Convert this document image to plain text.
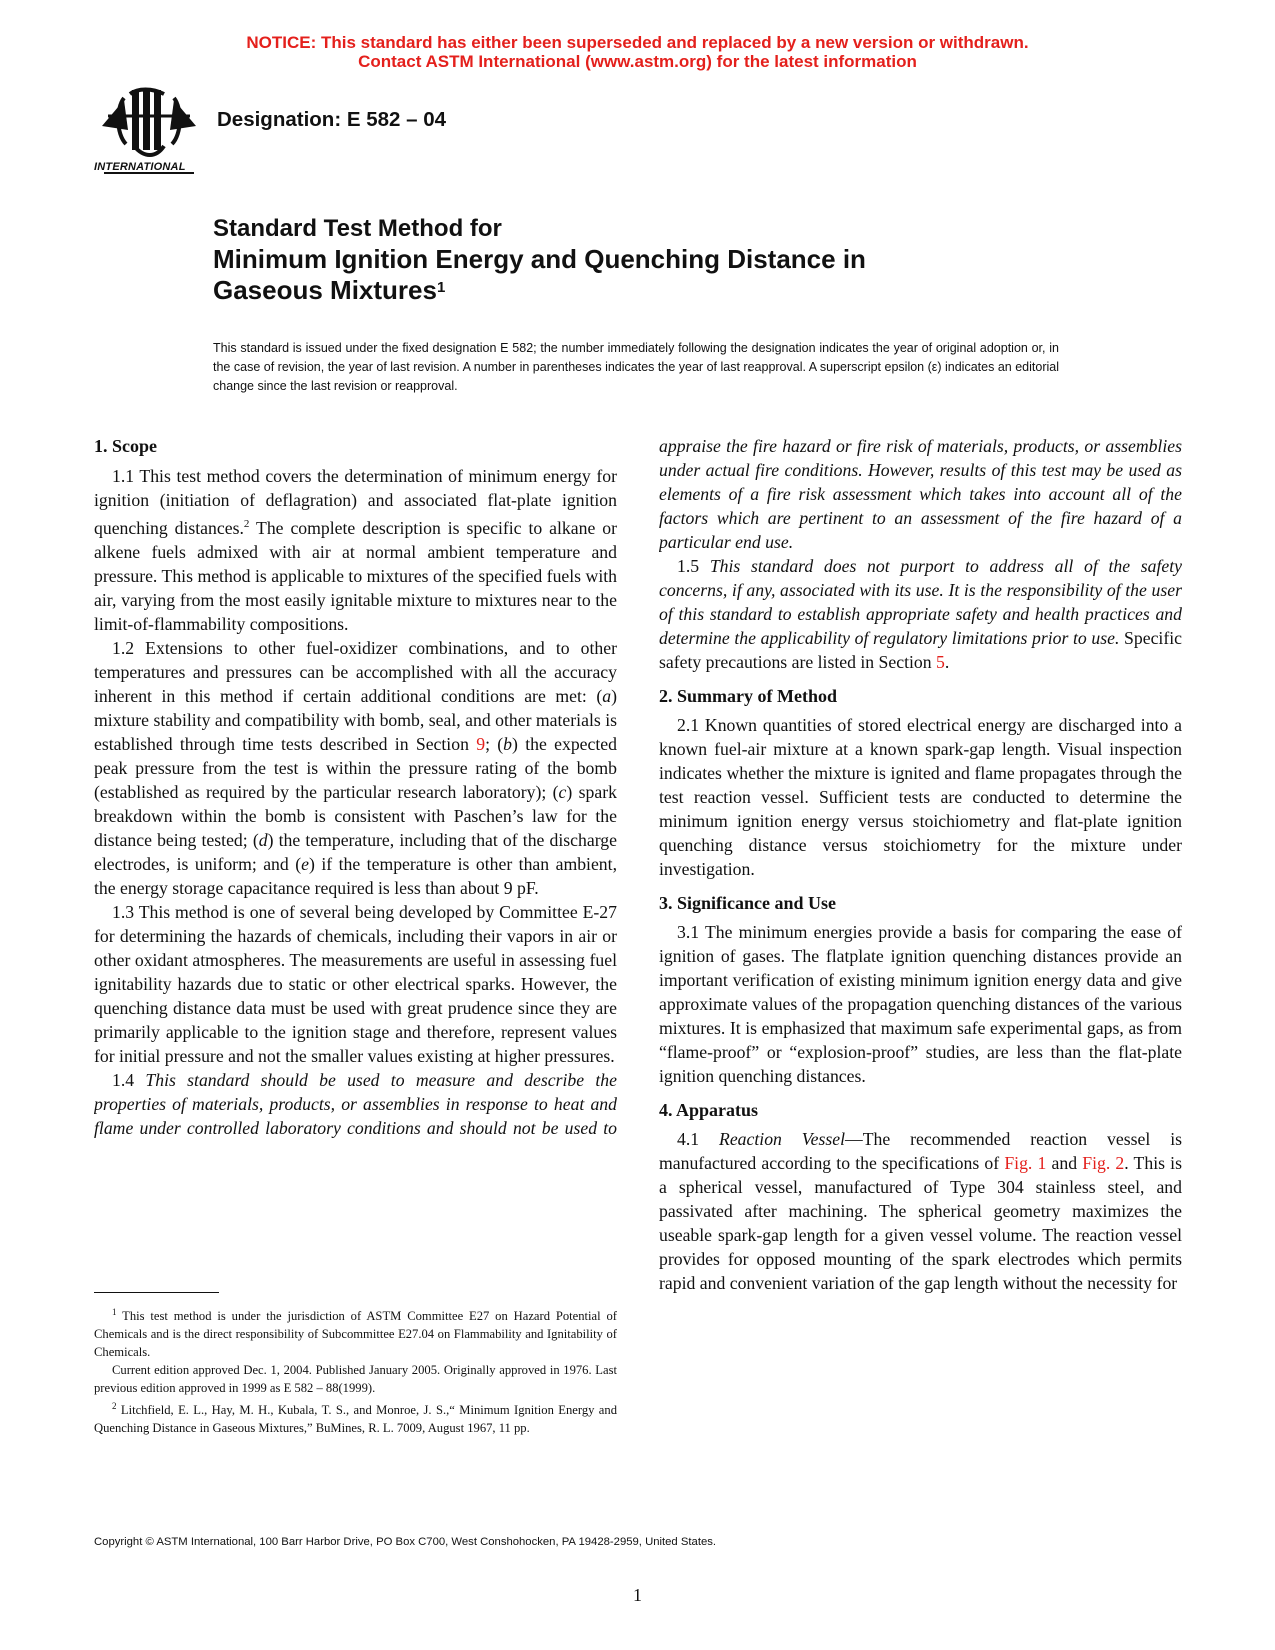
NOTICE: This standard has either been superseded and replaced by a new version or withdrawn.
Contact ASTM International (www.astm.org) for the latest information
INTERNATIONAL
Designation: E 582 – 04
Standard Test Method for
Minimum Ignition Energy and Quenching Distance in
Gaseous Mixtures$^1$
This standard is issued under the fixed designation E 582; the number immediately following the designation indicates the year of original adoption or, in the case of revision, the year of last revision. A number in parentheses indicates the year of last reapproval. A superscript epsilon (ε) indicates an editorial change since the last revision or reapproval.
1. Scope

1.1 This test method covers the determination of minimum energy for ignition (initiation of deflagration) and associated flat-plate ignition quenching distances.$^2$ The complete description is specific to alkane or alkene fuels admixed with air at normal ambient temperature and pressure. This method is applicable to mixtures of the specified fuels with air, varying from the most easily ignitable mixture to mixtures near to the limit-of-flammability compositions.

1.2 Extensions to other fuel-oxidizer combinations, and to other temperatures and pressures can be accomplished with all the accuracy inherent in this method if certain additional conditions are met: (a) mixture stability and compatibility with bomb, seal, and other materials is established through time tests described in Section 9; (b) the expected peak pressure from the test is within the pressure rating of the bomb (established as required by the particular research laboratory); (c) spark breakdown within the bomb is consistent with Paschen’s law for the distance being tested; (d) the temperature, including that of the discharge electrodes, is uniform; and (e) if the temperature is other than ambient, the energy storage capacitance required is less than about 9 pF.

1.3 This method is one of several being developed by Committee E-27 for determining the hazards of chemicals, including their vapors in air or other oxidant atmospheres. The measurements are useful in assessing fuel ignitability hazards due to static or other electrical sparks. However, the quenching distance data must be used with great prudence since they are primarily applicable to the ignition stage and therefore, represent values for initial pressure and not the smaller values existing at higher pressures.

1.4 This standard should be used to measure and describe the properties of materials, products, or assemblies in response to heat and flame under controlled laboratory conditions and should not be used to

appraise the fire hazard or fire risk of materials, products, or assemblies under actual fire conditions. However, results of this test may be used as elements of a fire risk assessment which takes into account all of the factors which are pertinent to an assessment of the fire hazard of a particular end use.

1.5 This standard does not purport to address all of the safety concerns, if any, associated with its use. It is the responsibility of the user of this standard to establish appropriate safety and health practices and determine the applicability of regulatory limitations prior to use. Specific safety precautions are listed in Section 5.

2. Summary of Method

2.1 Known quantities of stored electrical energy are discharged into a known fuel-air mixture at a known spark-gap length. Visual inspection indicates whether the mixture is ignited and flame propagates through the test reaction vessel. Sufficient tests are conducted to determine the minimum ignition energy versus stoichiometry and flat-plate ignition quenching distance versus stoichiometry for the mixture under investigation.

3. Significance and Use

3.1 The minimum energies provide a basis for comparing the ease of ignition of gases. The flatplate ignition quenching distances provide an important verification of existing minimum ignition energy data and give approximate values of the propagation quenching distances of the various mixtures. It is emphasized that maximum safe experimental gaps, as from “flame-proof” or “explosion-proof” studies, are less than the flat-plate ignition quenching distances.

4. Apparatus

4.1 Reaction Vessel—The recommended reaction vessel is manufactured according to the specifications of Fig. 1 and Fig. 2. This is a spherical vessel, manufactured of Type 304 stainless steel, and passivated after machining. The spherical geometry maximizes the useable spark-gap length for a given vessel volume. The reaction vessel provides for opposed mounting of the spark electrodes which permits rapid and convenient variation of the gap length without the necessity for

$^1$ This test method is under the jurisdiction of ASTM Committee E27 on Hazard Potential of Chemicals and is the direct responsibility of Subcommittee E27.04 on Flammability and Ignitability of Chemicals.

Current edition approved Dec. 1, 2004. Published January 2005. Originally approved in 1976. Last previous edition approved in 1999 as E 582 – 88(1999).

$^2$ Litchfield, E. L., Hay, M. H., Kubala, T. S., and Monroe, J. S.,“ Minimum Ignition Energy and Quenching Distance in Gaseous Mixtures,” BuMines, R. L. 7009, August 1967, 11 pp.

Copyright © ASTM International, 100 Barr Harbor Drive, PO Box C700, West Conshohocken, PA 19428-2959, United States.
1
